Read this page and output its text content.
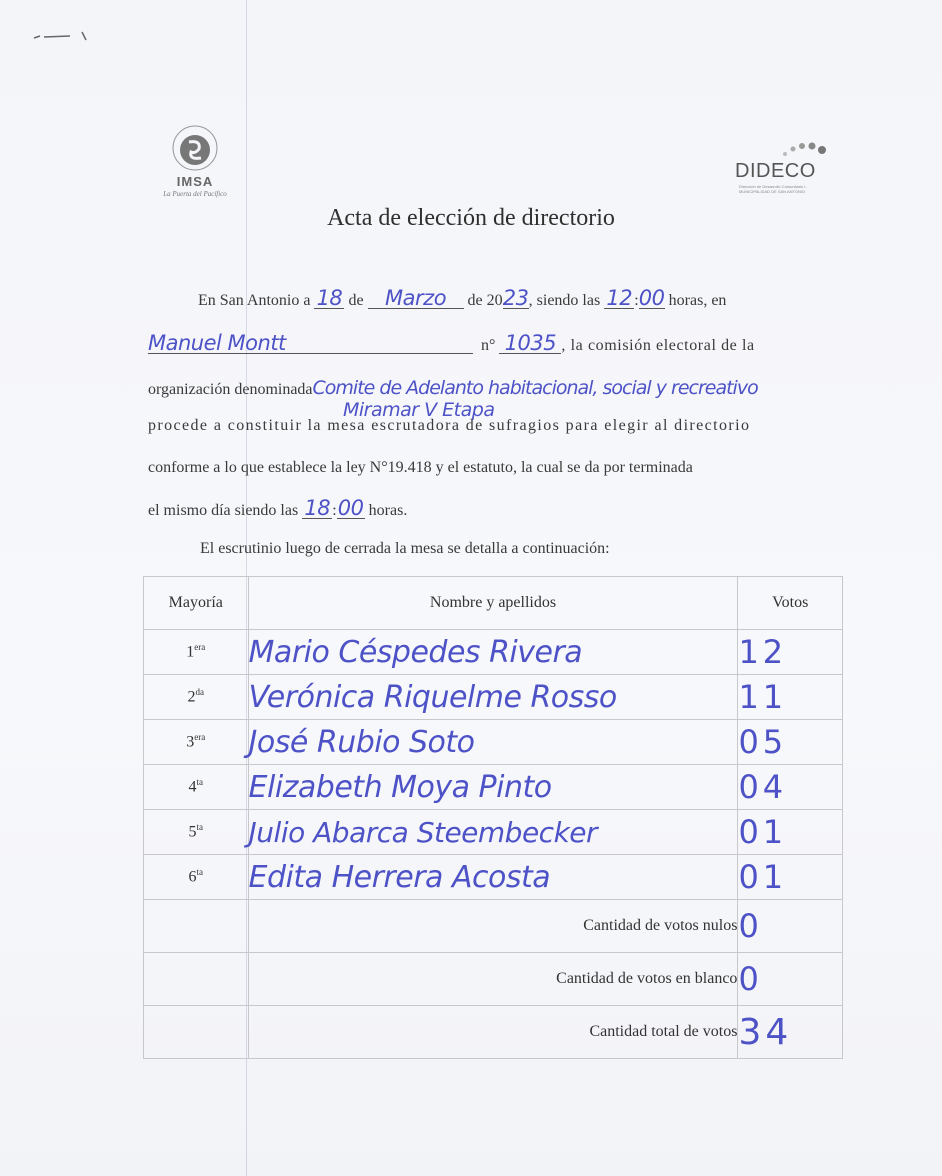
IMSA
La Puerta del Pacífico
DIDECO
Dirección de Desarrollo Comunitario I. MUNICIPALIDAD DE SAN ANTONIO
Acta de elección de directorio
En San Antonio a 18 de Marzo de 2023, siendo las 12 :00 horas, en
Manuel Montt	n° 1035 , la comisión electoral de la
organización denominadaComite de Adelanto habitacional, social y recreativo
Miramar V Etapa
procede a constituir la mesa escrutadora de sufragios para elegir al directorio
conforme a lo que establece la ley N°19.418 y el estatuto, la cual se da por terminada
el mismo día siendo las 18 :00 horas.
El escrutinio luego de cerrada la mesa se detalla a continuación:
Mayoría	Nombre y apellidos	Votos
$1^{era}$	Mario Céspedes Rivera	12
$2^{da}$	Verónica Riquelme Rosso	11
$3^{era}$	José Rubio Soto	05
$4^{ta}$	Elizabeth Moya Pinto	04
$5^{ta}$	Julio Abarca Steembecker	01
$6^{ta}$	Edita Herrera Acosta	01
	Cantidad de votos nulos	0
	Cantidad de votos en blanco	0
	Cantidad total de votos	34
